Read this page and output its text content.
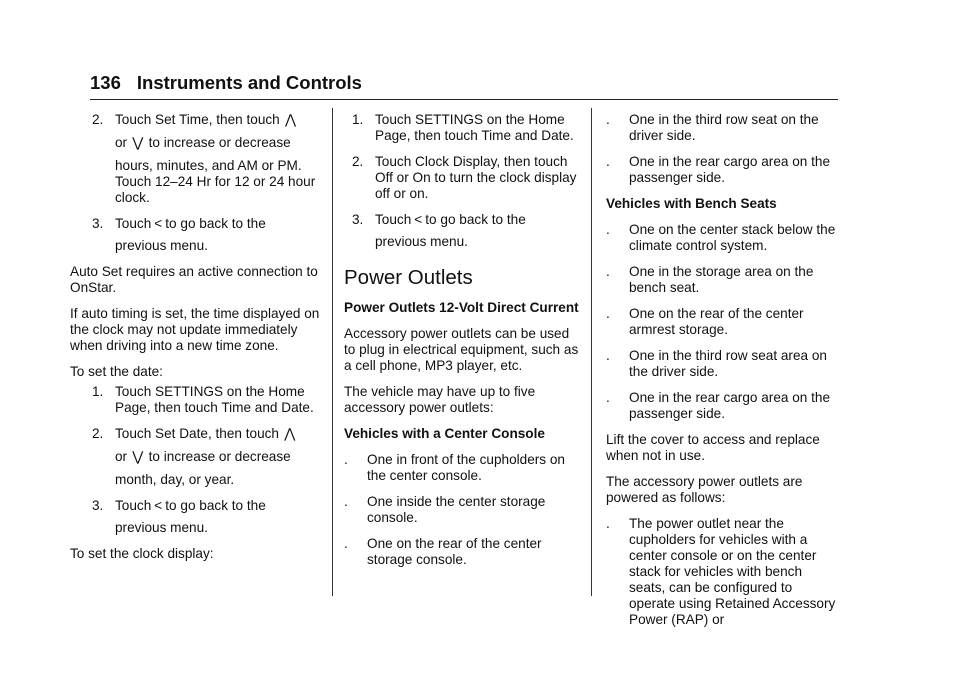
136 Instruments and Controls
2. Touch Set Time, then touch ⋀
or ⋁ to increase or decrease
hours, minutes, and AM or PM. Touch 12–24 Hr for 12 or 24 hour clock.
3. Touch < to go back to the
previous menu.

Auto Set requires an active connection to OnStar.

If auto timing is set, the time displayed on the clock may not update immediately when driving into a new time zone.

To set the date:

1. Touch SETTINGS on the Home Page, then touch Time and Date.
2. Touch Set Date, then touch ⋀
or ⋁ to increase or decrease
month, day, or year.
3. Touch < to go back to the
previous menu.

To set the clock display:

1. Touch SETTINGS on the Home Page, then touch Time and Date.
2. Touch Clock Display, then touch Off or On to turn the clock display off or on.
3. Touch < to go back to the
previous menu.
Power Outlets

Power Outlets 12-Volt Direct Current

Accessory power outlets can be used to plug in electrical equipment, such as a cell phone, MP3 player, etc.

The vehicle may have up to five accessory power outlets:

Vehicles with a Center Console

. One in front of the cupholders on the center console.
. One inside the center storage console.
. One on the rear of the center storage console.
. One in the third row seat on the driver side.
. One in the rear cargo area on the passenger side.

Vehicles with Bench Seats

. One on the center stack below the climate control system.
. One in the storage area on the bench seat.
. One on the rear of the center armrest storage.
. One in the third row seat area on the driver side.
. One in the rear cargo area on the passenger side.

Lift the cover to access and replace when not in use.

The accessory power outlets are powered as follows:

. The power outlet near the cupholders for vehicles with a center console or on the center stack for vehicles with bench seats, can be configured to operate using Retained Accessory Power (RAP) or
